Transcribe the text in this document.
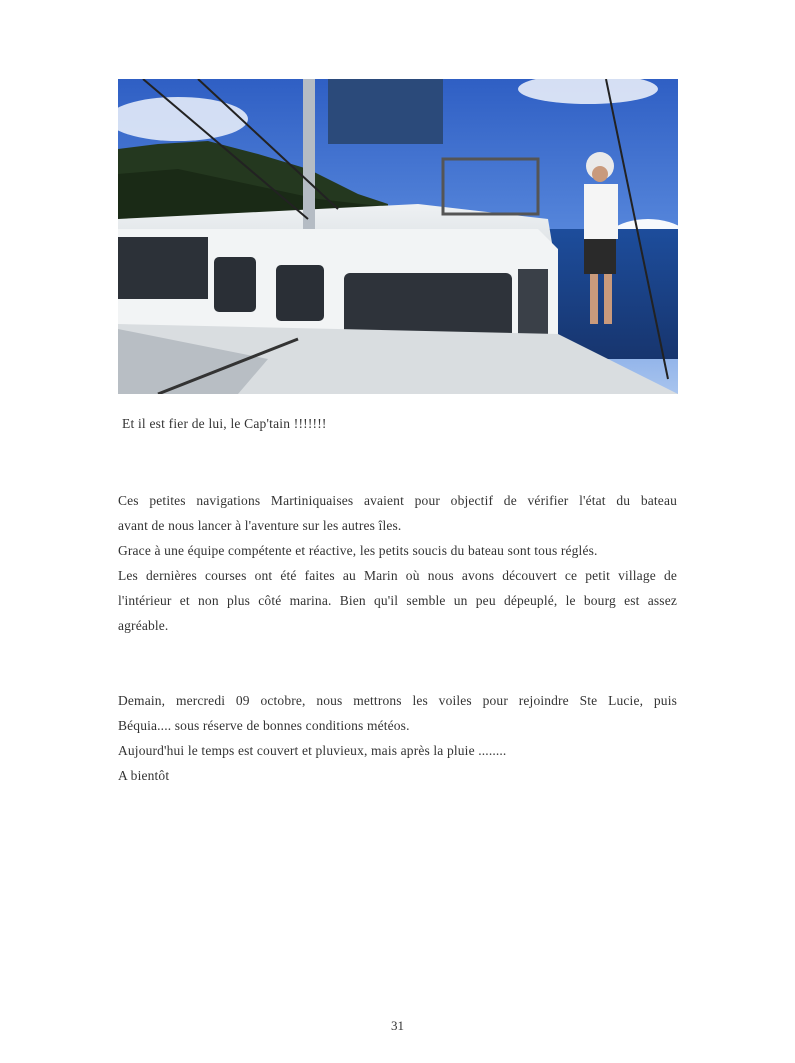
Et il est fier de lui, le Cap'tain !!!!!!!

Ces petites navigations Martiniquaises avaient pour objectif de vérifier l'état du bateau
avant de nous lancer à l'aventure sur les autres îles.
Grace à une équipe compétente et réactive, les petits soucis du bateau sont tous réglés.
Les dernières courses ont été faites au Marin où nous avons découvert ce petit village de
l'intérieur et non plus côté marina. Bien qu'il semble un peu dépeuplé, le bourg est assez
agréable.
Demain, mercredi 09 octobre, nous mettrons les voiles pour rejoindre Ste Lucie, puis
Béquia.... sous réserve de bonnes conditions météos.
Aujourd'hui le temps est couvert et pluvieux, mais après la pluie ........
A bientôt

31
